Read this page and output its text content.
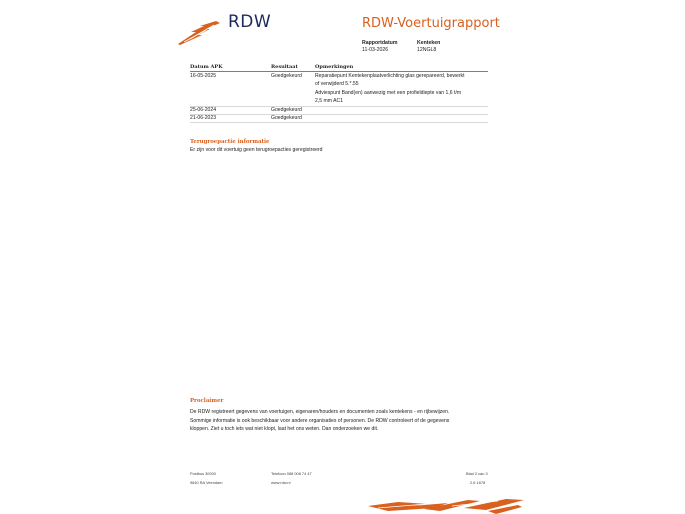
RDW	RDW-Voertuigrapport
Rapportdatum
11-03-2026
Kenteken
12NGL8
Datum APK	Resultaat	Opmerkingen
16-05-2025	Goedgekeurd	Reparatiepunt Kentekenplaatverlichting glas gerepareerd, bewerkt
of verwijderd 5.*.55
Adviespunt Band(en) aanwezig met een profieldiepte van 1,6 t/m
2,5 mm AC1
25-06-2024	Goedgekeurd
21-06-2023	Goedgekeurd
Terugroepactie informatie
Er zijn voor dit voertuig geen terugroepacties geregistreerd
Proclaimer
De RDW registreert gegevens van voertuigen, eigenaren/houders en documenten zoals kentekens - en rijbewijzen.
Sommige informatie is ook beschikbaar voor andere organisaties of personen. De RDW controleert of de gegevens
kloppen. Ziet u toch iets wat niet klopt, laat het ons weten. Dan onderzoeken we dit.
Postbus 30000
9640 RA Veendam
Telefoon 088 008 74 47
www.rdw.nl
Blad 2 van 3
2.6 1878
